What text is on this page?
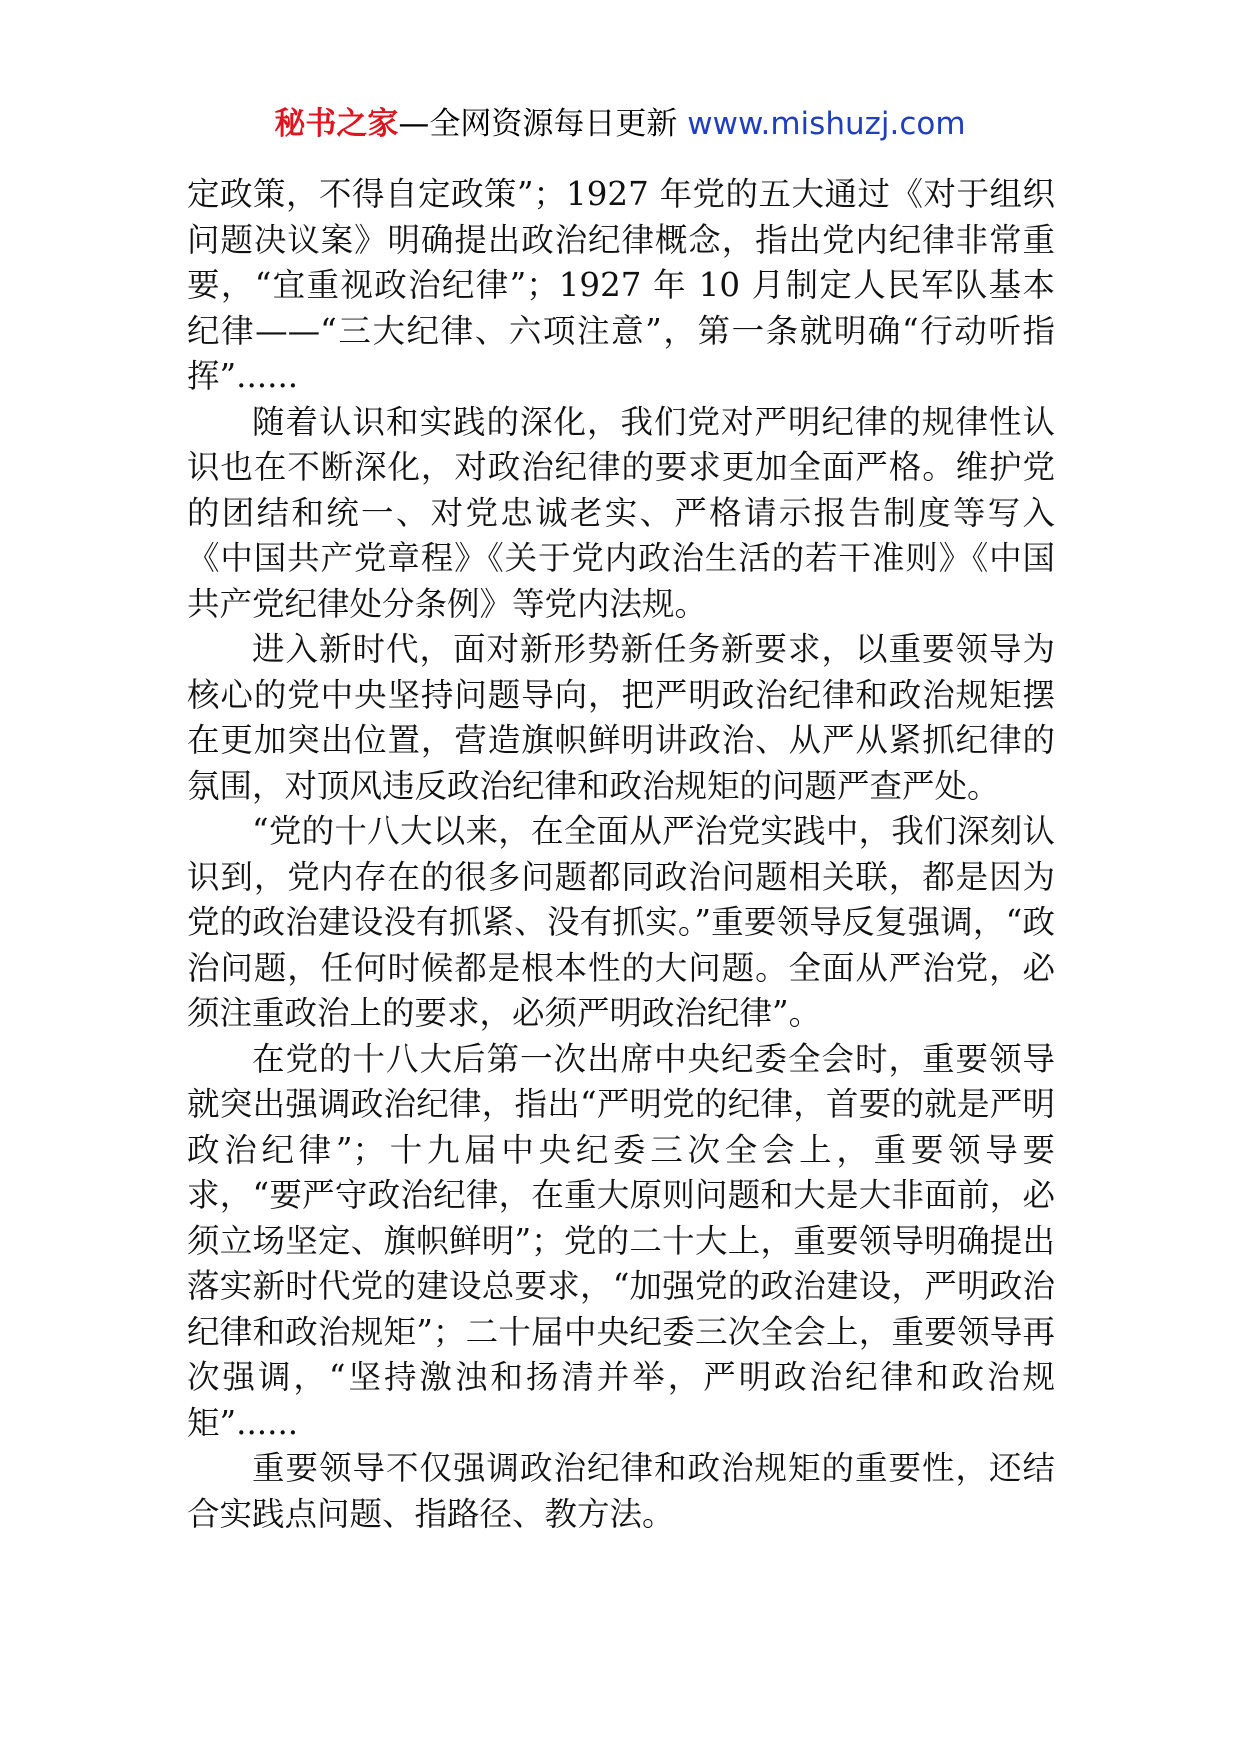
秘书之家—全网资源每日更新 www.mishuzj.com

定政策，不得自定政策”；1927 年党的五大通过《对于组织问题决议案》明确提出政治纪律概念，指出党内纪律非常重要，“宜重视政治纪律”；1927 年 10 月制定人民军队基本纪律——“三大纪律、六项注意”，第一条就明确“行动听指挥”......

随着认识和实践的深化，我们党对严明纪律的规律性认识也在不断深化，对政治纪律的要求更加全面严格。维护党的团结和统一、对党忠诚老实、严格请示报告制度等写入《中国共产党章程》《关于党内政治生活的若干准则》《中国共产党纪律处分条例》等党内法规。

进入新时代，面对新形势新任务新要求，以重要领导为核心的党中央坚持问题导向，把严明政治纪律和政治规矩摆在更加突出位置，营造旗帜鲜明讲政治、从严从紧抓纪律的氛围，对顶风违反政治纪律和政治规矩的问题严查严处。

“党的十八大以来，在全面从严治党实践中，我们深刻认识到，党内存在的很多问题都同政治问题相关联，都是因为党的政治建设没有抓紧、没有抓实。”重要领导反复强调，“政治问题，任何时候都是根本性的大问题。全面从严治党，必须注重政治上的要求，必须严明政治纪律”。

在党的十八大后第一次出席中央纪委全会时，重要领导就突出强调政治纪律，指出“严明党的纪律，首要的就是严明政治纪律”；十九届中央纪委三次全会上，重要领导要求，“要严守政治纪律，在重大原则问题和大是大非面前，必须立场坚定、旗帜鲜明”；党的二十大上，重要领导明确提出落实新时代党的建设总要求，“加强党的政治建设，严明政治纪律和政治规矩”；二十届中央纪委三次全会上，重要领导再次强调，“坚持激浊和扬清并举，严明政治纪律和政治规矩”......

重要领导不仅强调政治纪律和政治规矩的重要性，还结合实践点问题、指路径、教方法。
